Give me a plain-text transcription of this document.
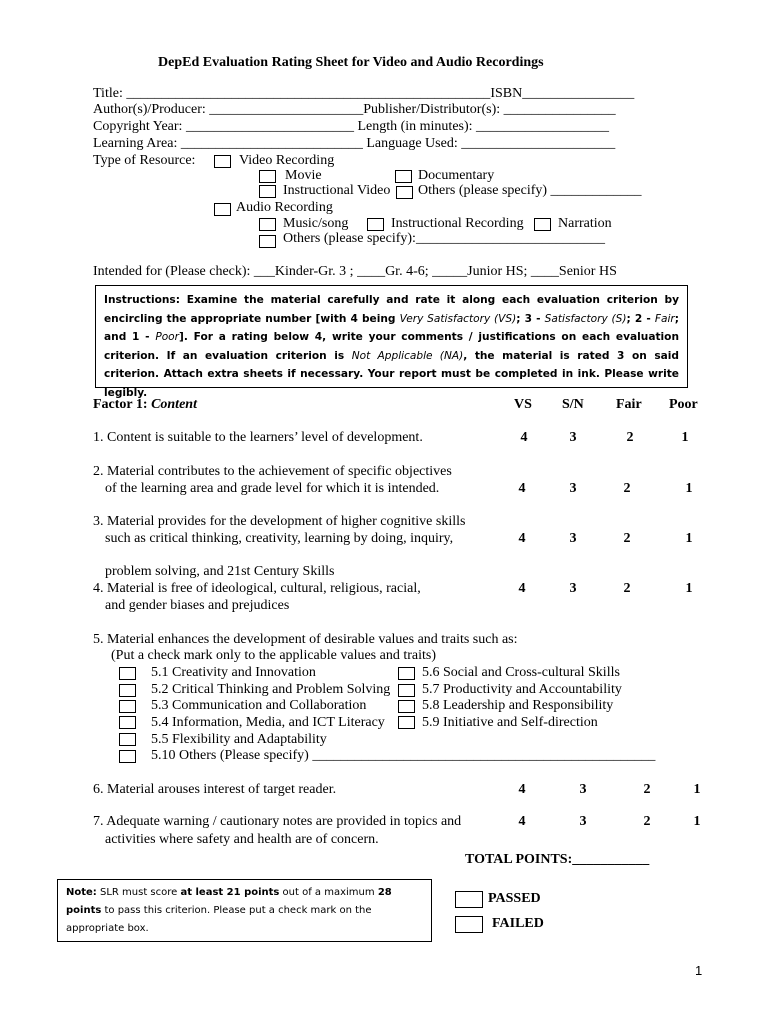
DepEd Evaluation Rating Sheet for Video and Audio Recordings
Title: ____________________________________________________ISBN________________
Author(s)/Producer: ______________________Publisher/Distributor(s): ________________
Copyright Year: ________________________ Length (in minutes): ___________________
Learning Area: __________________________ Language Used: ______________________
Type of Resource:	Video Recording
Movie	Documentary
Instructional Video Others (please specify) _____________
Audio Recording
Music/song	Instructional Recording Narration
Others (please specify):___________________________
Intended for (Please check): ___Kinder-Gr. 3 ; ____Gr. 4-6; _____Junior HS; ____Senior HS
Instructions: Examine the material carefully and rate it along each evaluation criterion by encircling the appropriate number [with 4 being Very Satisfactory (VS); 3 - Satisfactory (S); 2 - Fair; and 1 - Poor]. For a rating below 4, write your comments / justifications on each evaluation criterion. If an evaluation criterion is Not Applicable (NA), the material is rated 3 on said criterion. Attach extra sheets if necessary. Your report must be completed in ink. Please write legibly.
Factor 1: Content	VS S/N Fair Poor
1. Content is suitable to the learners’ level of development.	4	3	2	1
2. Material contributes to the achievement of specific objectives
of the learning area and grade level for which it is intended.	4	3	2	1
3. Material provides for the development of higher cognitive skills
such as critical thinking, creativity, learning by doing, inquiry,
problem solving, and 21st Century Skills
4	3	2	1
4. Material is free of ideological, cultural, religious, racial,
and gender biases and prejudices
4	3	2	1
5. Material enhances the development of desirable values and traits such as:
(Put a check mark only to the applicable values and traits)
5.1 Creativity and Innovation
5.2 Critical Thinking and Problem Solving
5.3 Communication and Collaboration
5.4 Information, Media, and ICT Literacy
5.5 Flexibility and Adaptability
5.10 Others (Please specify) _________________________________________________
5.6 Social and Cross-cultural Skills
5.7 Productivity and Accountability
5.8 Leadership and Responsibility
5.9 Initiative and Self-direction
6. Material arouses interest of target reader.	4	3	2	1
7. Adequate warning / cautionary notes are provided in topics and
activities where safety and health are of concern.
4	3	2	1
TOTAL POINTS:___________
Note: SLR must score at least 21 points out of a maximum 28 points to pass this criterion. Please put a check mark on the appropriate box.
PASSED
FAILED
1
